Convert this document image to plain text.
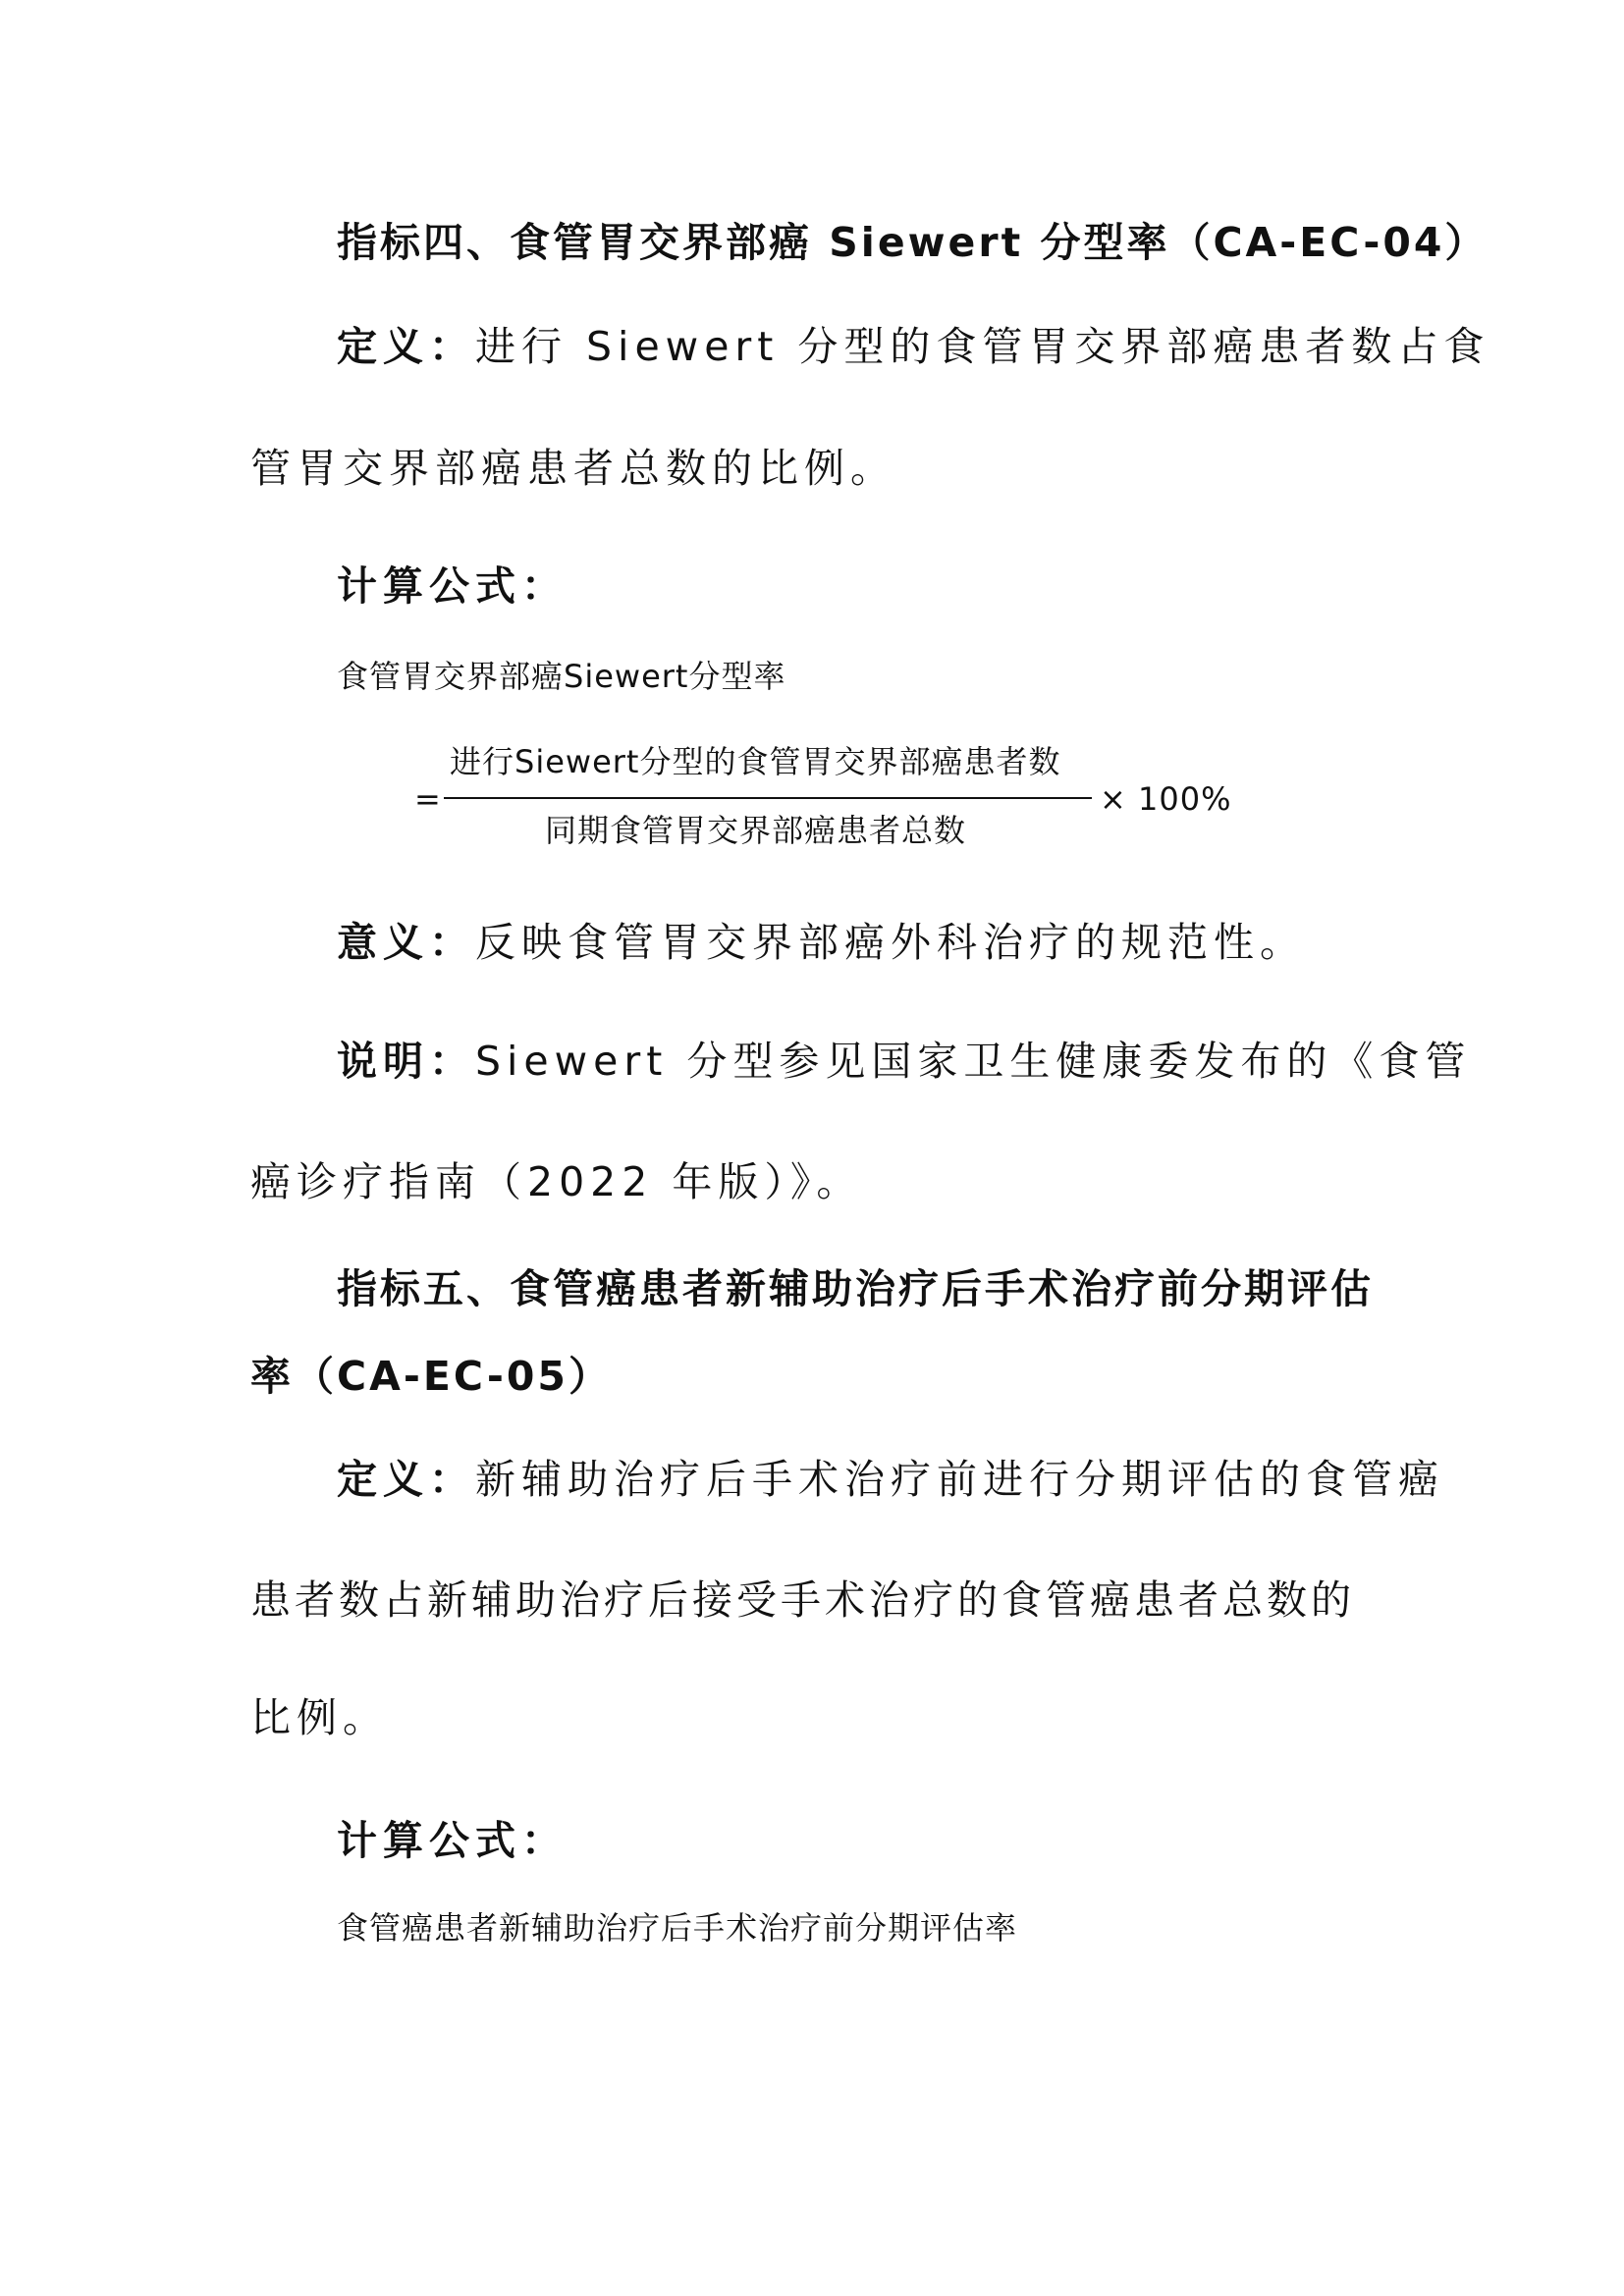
指标四、食管胃交界部癌 Siewert 分型率（CA-EC-04）
定义：进行 Siewert 分型的食管胃交界部癌患者数占食
管胃交界部癌患者总数的比例。
计算公式：
食管胃交界部癌Siewert分型率
=
进行Siewert分型的食管胃交界部癌患者数
同期食管胃交界部癌患者总数
× 100%
意义：反映食管胃交界部癌外科治疗的规范性。
说明：Siewert 分型参见国家卫生健康委发布的《食管
癌诊疗指南（2022 年版）》。
指标五、食管癌患者新辅助治疗后手术治疗前分期评估
率（CA-EC-05）
定义：新辅助治疗后手术治疗前进行分期评估的食管癌
患者数占新辅助治疗后接受手术治疗的食管癌患者总数的
比例。
计算公式：
食管癌患者新辅助治疗后手术治疗前分期评估率
